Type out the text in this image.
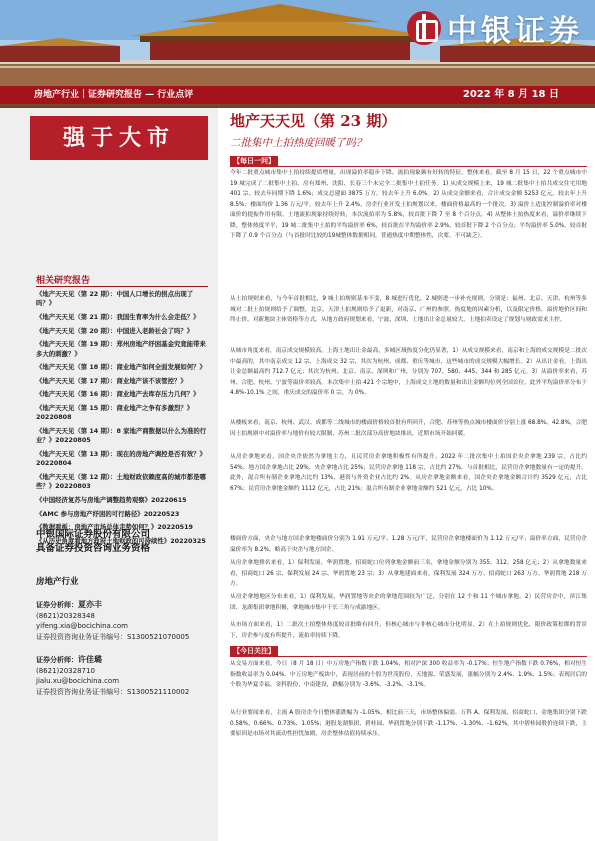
中银证券
房地产行业｜证券研究报告 — 行业点评	2022 年 8 月 18 日
强于大市
相关研究报告
《地产天天见（第 22 期）：中国人口增长的拐点出现了吗？》
《地产天天见（第 21 期）：我国生育率为什么会走低？》
《地产天天见（第 20 期）：中国进入老龄社会了吗？》
《地产天天见（第 19 期）：郑州房地产纾困基金究竟能带来多大的刺激？》
《地产天天见（第 18 期）：商业地产如何全面发展如何？》
《地产天天见（第 17 期）：商业地产该不该管控？》
《地产天天见（第 16 期）：商业地产去库存压力几何？》
《地产天天见（第 15 期）：商业地产之争有多激烈？》20220808
《地产天天见（第 14 期）：8 家地产商数据以什么为准的行业？》20220805
《地产天天见（第 13 期）：现在的房地产调控是否有效？》20220804
《地产天天见（第 12 期）：土地财政依赖度高的城市都是哪些？》20220803
《中国经济复苏与房地产调整趋势观察》20220615
《AMC 参与房地产纾困的可行路径》20220523
《数据看板：房地产市场总体走势如何？》20220519
《从历史角度看地方政府土地财政的可持续性》20220325
中银国际证券股份有限公司
具备证券投资咨询业务资格
房地产行业
证券分析师：夏亦丰
(8621)20328348
yifeng.xia@bocichina.com
证券投资咨询业务证书编号：S1300521070005
证券分析师：许佳璐
(8621)20328710
jialu.xu@bocichina.com
证券投资咨询业务证书编号：S1300521110002
地产天天见（第 23 期）
二批集中土拍热度回暖了吗？
【每日一问】
今年二批重点城市集中土拍持续提质增量，出现溢价率稳步下降、流拍现象频有好转的特征。整体来看，截至 8 月 15 日，22 个重点城市中 19 城完成了二批集中土拍，房有郑州、沈阳、长春三个未完全二批集中土拍任务。1) 从成交规模上来，19 城二批集中土拍共成交住宅用地 401 宗，较去年同期下降 1.6%；成交总建面 3875 万方，较去年上升 6.0%。2) 从成交金额来看，合计成交金额 5253 亿元，较去年上升 8.5%；楼面均价 1.36 万元/平，较去年上升 2.4%，房企行业开发土拍规划以来，楼面价格最高的一个批次。3) 溢价上适度控制溢价率对楼面价的提振作用有限，土地流拍现象持续好转，本次流拍率为 5.8%，较首批下降 7 至 8 个百分点。4) 从整体土拍热度来看，溢价率继续下降，整体热度平平，19 城二批集中土拍的平均溢价率 6%，较首批在平均溢价率 2.9%，较首批下降 2 个百分点；平均溢价率 5.0%，较首批下降了 0.9 个百分点（与首批时比较的19城整体数据相同，普通热度中期整体性，次要，不可缺乏）。
从土拍规则来看，与今年首批相比，9 城土拍规则基本不变，8 城进行优化，2 城则进一步补充规则，分别是：福州、北京、天津、杭州等多城对二批土拍规则给予了调整，北京、天津土拍规则给予了更新，对南京、广州的参照。热度地的因素分析，以及限定价格，溢价地价区间和终止价、对新地块主体资格等方式。从地方政府规划来看，宁波、深圳、土地出让金总量较大，土地拍卖设定了规划与财政需求主控。
从城市角度来看，南京成交规模较高。上海土地出让金最高，多城区域热度分化仍显著，1）从成交规模来看，南京和上海的成交规模是二批次中最高的，其中南京成交 12 宗、上海成交 32 宗，其次为杭州、成都、重庆等城市，这些城市的成交规模大幅增长。2）从出让金看，上海出让金总额最高约 712.7 亿元；其次为杭州、北京、南京、深圳和广州，分别为 707、580、445、344 和 285 亿元。3）从溢价率来看，苏州、合肥、杭州、宁波等溢价率较高。本次集中土拍 421 个宗地中，上海成交土地的数量和出让金额均位列全国首位，此外平均溢价率分布于 4.8%-10.1% 之间，重庆成交的溢价率 0 宗，为 0%。
从楼板来看，南京、杭州、武汉、成都等二线城市的楼面价格较首批有所回升，合肥、苏州等热点城市楼面价分别上涨 68.8%、42.8%，合肥因土拍规则中对溢价率与地价有较大限制、苏州二批次部分高价地块推出，近期市场开始回暖。
从房企拿地来看，国企央企依然为拿地主力，且民营房企拿地积极性有所提升。2022 年二批次集中土拍国企央企拿地 239 宗，占比约 54%；地方国企拿地占比 29%、央企拿地占比 25%；民营房企拿地 118 宗，占比约 27%。与首批相比，民营房企拿地数量有一定的提升。此外，混合所有制企业拿地占比约 13%，港资与外资企业占比约 2%。从房企拿地金额来看，国企央企拿地金额合计约 3529 亿元，占比 67%；民营房企拿地金额约 1112 亿元，占比 21%；混合所有制企业拿地金额约 521 亿元，占比 10%。
楼面价方面，央企与地方国企拿地楼面价分别为 1.91 万元/平、1.28 万元/平，民营房企拿地楼面价为 1.12 万元/平；溢价率方面，民营房企溢价率为 8.2%，略高于央企与地方国企。
从房企拿地排名来看，1）保利发展、华润置地、招商蛇口位列拿地金额前三名，拿地金额分别为 355、312、258 亿元；2）从拿地数量来看，招商蛇口 26 宗、保利发展 24 宗、华润置地 23 宗；3）从拿地建面来看，保利发展 324 万方、招商蛇口 263 万方、华润置地 218 万方。
从房企拿地地区分布来看，1）保利发展、华润置地等央企的拿地范围较为广泛，分别在 12 个和 11 个城市拿地。2）民营房企中，滨江集团、龙湖集团拿地积极，拿地城市集中于长三角与成渝地区。
从市场方面来看，1）二批次土拍整体热度较首批略有回升，但核心城市与非核心城市分化明显。2）在土拍规则优化、限价政策松绑的背景下，房企参与度有所提升，流拍率持续下降。
【今日关注】
从交易方面来看，今日（8 月 18 日）中万房地产指数下跌 1.04%，相对沪深 300 收益率为 -0.17%；恒生地产指数下跌 0.76%，相对恒生指数收益率为 0.04%。中万房地产板块中，表现居前的个股为世茂股份、天地源、荣盛发展，涨幅分别为 2.4%、1.9%、1.5%；表现居后的个股为华夏幸福、金科股份、中南建设，跌幅分别为 -3.6%、-3.2%、-3.1%。
从行业要闻来看，主流 A 股房企今日整体涨跌幅为 -1.05%，相比前三天，市场整体偏弱。万科 A、保利发展、招商蛇口、金地集团分别下跌 0.58%、0.66%、0.73%、1.05%；港股龙湖集团、碧桂园、华润置地分别下跌 -1.17%、-1.30%、-1.62%，其中碧桂园股价连续下跌，主要原因是市场对其流动性担忧加剧，房企整体估值持续承压。
